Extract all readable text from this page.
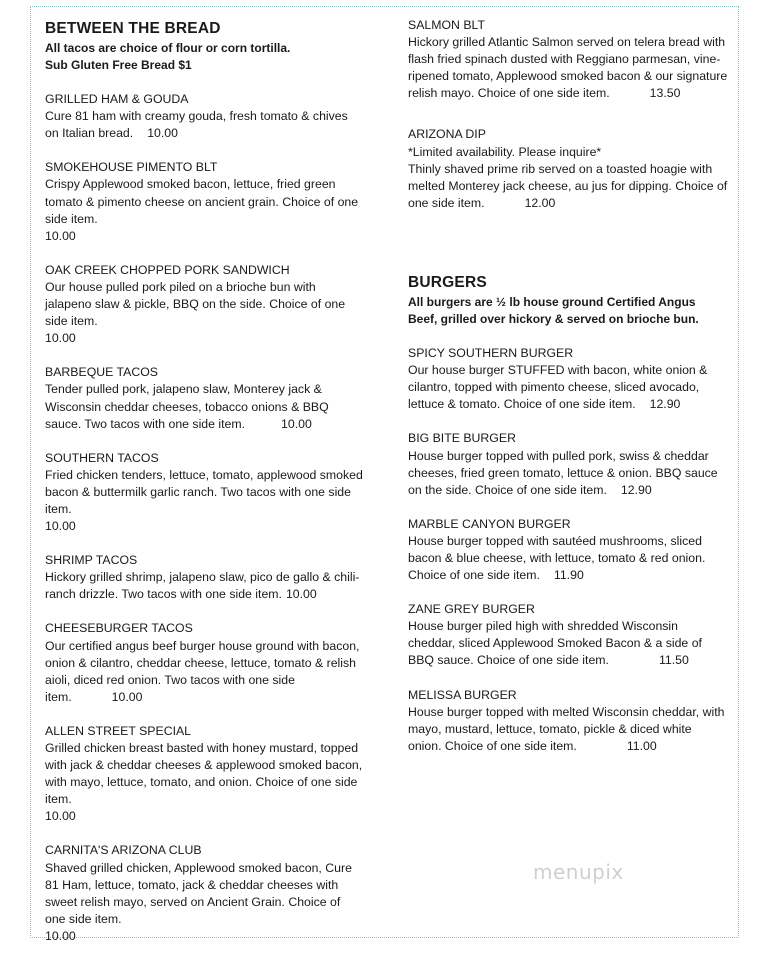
BETWEEN THE BREAD
All tacos are choice of flour or corn tortilla.
Sub Gluten Free Bread $1
GRILLED HAM & GOUDA
Cure 81 ham with creamy gouda, fresh tomato & chives on Italian bread. 10.00
SMOKEHOUSE PIMENTO BLT
Crispy Applewood smoked bacon, lettuce, fried green tomato & pimento cheese on ancient grain. Choice of one side item.
10.00
OAK CREEK CHOPPED PORK SANDWICH
Our house pulled pork piled on a brioche bun with jalapeno slaw & pickle, BBQ on the side. Choice of one side item.
10.00
BARBEQUE TACOS
Tender pulled pork, jalapeno slaw, Monterey jack & Wisconsin cheddar cheeses, tobacco onions & BBQ sauce. Two tacos with one side item.	10.00
SOUTHERN TACOS
Fried chicken tenders, lettuce, tomato, applewood smoked bacon & buttermilk garlic ranch. Two tacos with one side item.
10.00
SHRIMP TACOS
Hickory grilled shrimp, jalapeno slaw, pico de gallo & chili-ranch drizzle. Two tacos with one side item. 10.00
CHEESEBURGER TACOS
Our certified angus beef burger house ground with bacon, onion & cilantro, cheddar cheese, lettuce, tomato & relish aioli, diced red onion. Two tacos with one side item.	10.00
ALLEN STREET SPECIAL
Grilled chicken breast basted with honey mustard, topped with jack & cheddar cheeses & applewood smoked bacon, with mayo, lettuce, tomato, and onion. Choice of one side item.
10.00
CARNITA'S ARIZONA CLUB
Shaved grilled chicken, Applewood smoked bacon, Cure 81 Ham, lettuce, tomato, jack & cheddar cheeses with sweet relish mayo, served on Ancient Grain. Choice of one side item.
10.00
SALMON BLT
Hickory grilled Atlantic Salmon served on telera bread with flash fried spinach dusted with Reggiano parmesan, vine-ripened tomato, Applewood smoked bacon & our signature relish mayo. Choice of one side item.	13.50
ARIZONA DIP
*Limited availability. Please inquire*
Thinly shaved prime rib served on a toasted hoagie with melted Monterey jack cheese, au jus for dipping. Choice of one side item.	12.00
BURGERS
All burgers are ½ lb house ground Certified Angus Beef, grilled over hickory & served on brioche bun.
SPICY SOUTHERN BURGER
Our house burger STUFFED with bacon, white onion & cilantro, topped with pimento cheese, sliced avocado, lettuce & tomato. Choice of one side item. 12.90
BIG BITE BURGER
House burger topped with pulled pork, swiss & cheddar cheeses, fried green tomato, lettuce & onion. BBQ sauce on the side. Choice of one side item. 12.90
MARBLE CANYON BURGER
House burger topped with sautéed mushrooms, sliced bacon & blue cheese, with lettuce, tomato & red onion. Choice of one side item. 11.90
ZANE GREY BURGER
House burger piled high with shredded Wisconsin cheddar, sliced Applewood Smoked Bacon & a side of BBQ sauce. Choice of one side item.	11.50
MELISSA BURGER
House burger topped with melted Wisconsin cheddar, with mayo, mustard, lettuce, tomato, pickle & diced white onion. Choice of one side item.	11.00
menupix
